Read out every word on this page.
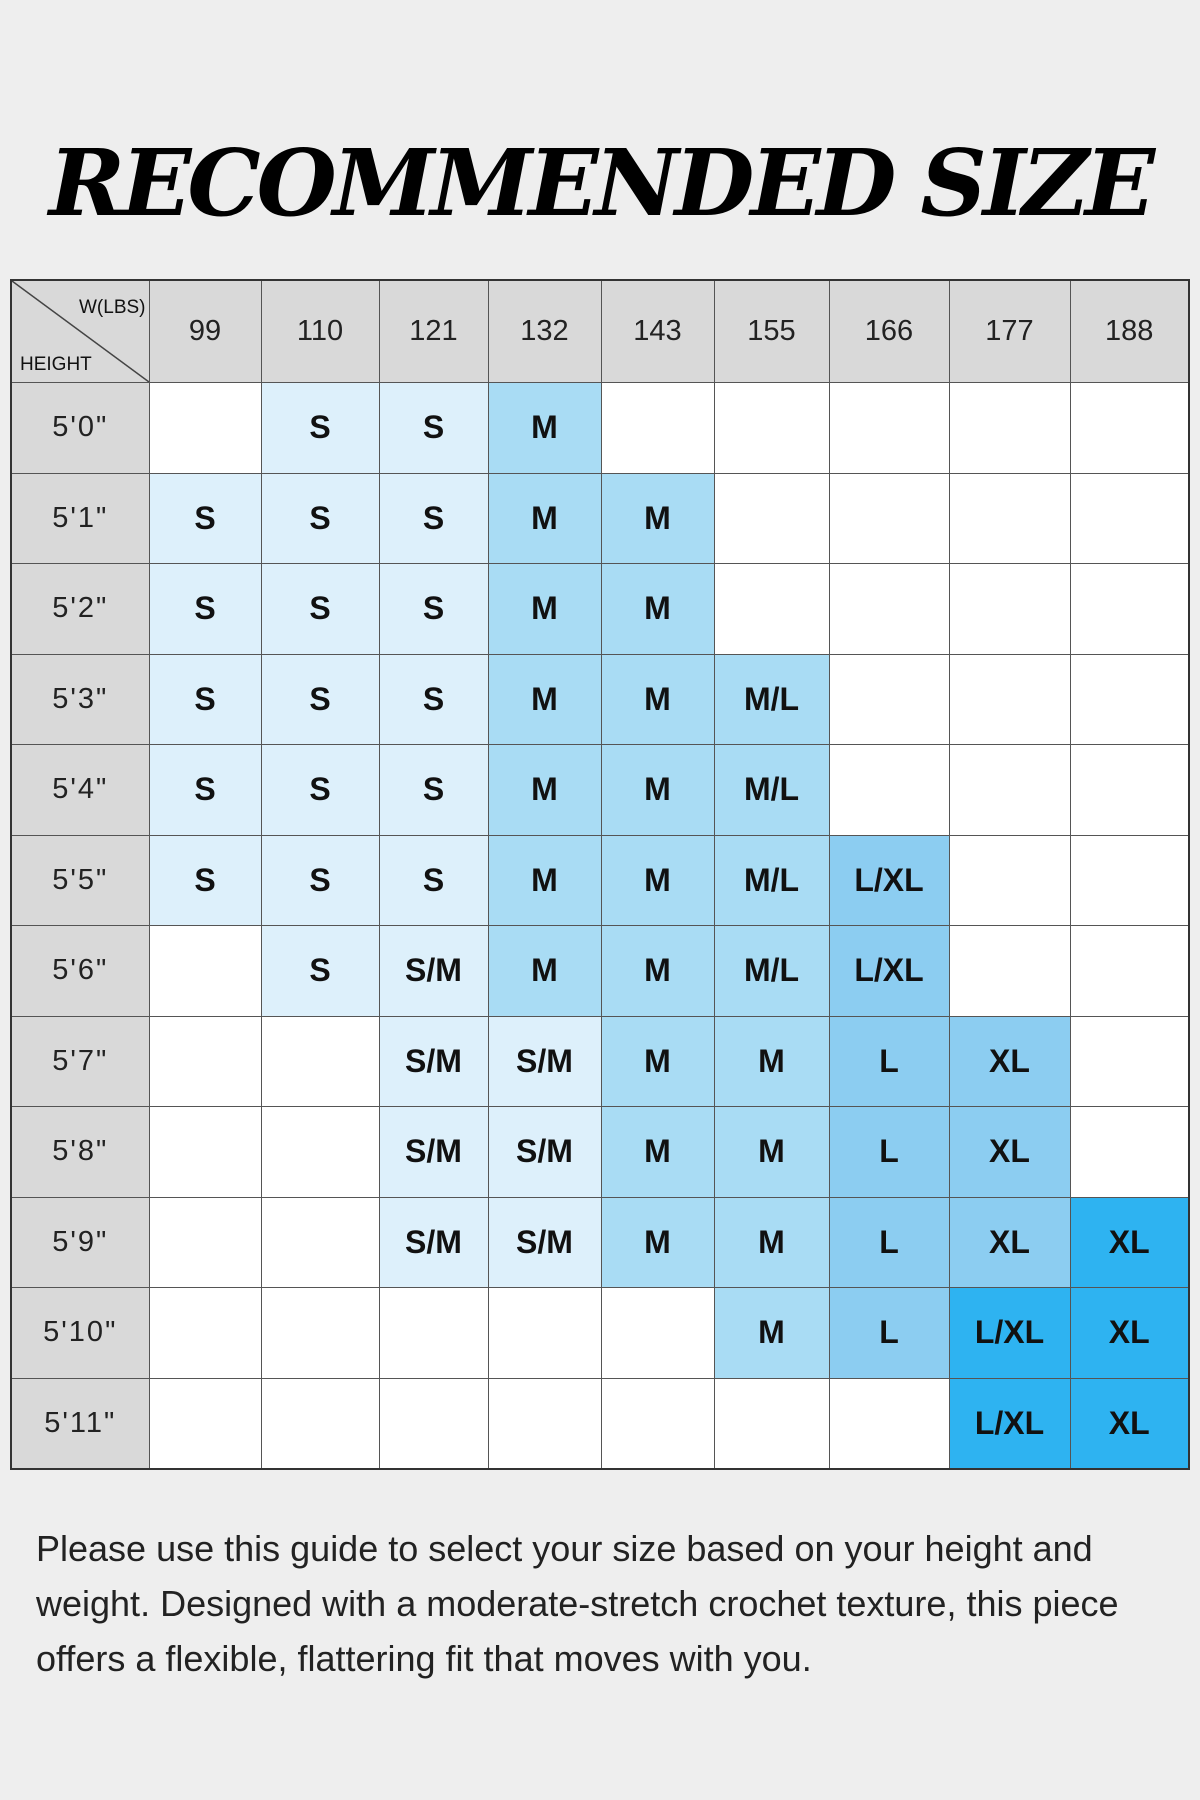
RECOMMENDED SIZE
W(LBS)
HEIGHT	99	110	121	132	143	155	166	177	188
5'0"		S	S	M					
5'1"	S	S	S	M	M				
5'2"	S	S	S	M	M				
5'3"	S	S	S	M	M	M/L			
5'4"	S	S	S	M	M	M/L			
5'5"	S	S	S	M	M	M/L	L/XL		
5'6"		S	S/M	M	M	M/L	L/XL		
5'7"			S/M	S/M	M	M	L	XL	
5'8"			S/M	S/M	M	M	L	XL	
5'9"			S/M	S/M	M	M	L	XL	XL
5'10"						M	L	L/XL	XL
5'11"								L/XL	XL

Please use this guide to select your size based on your height and weight. Designed with a moderate-stretch crochet texture, this piece offers a flexible, flattering fit that moves with you.
